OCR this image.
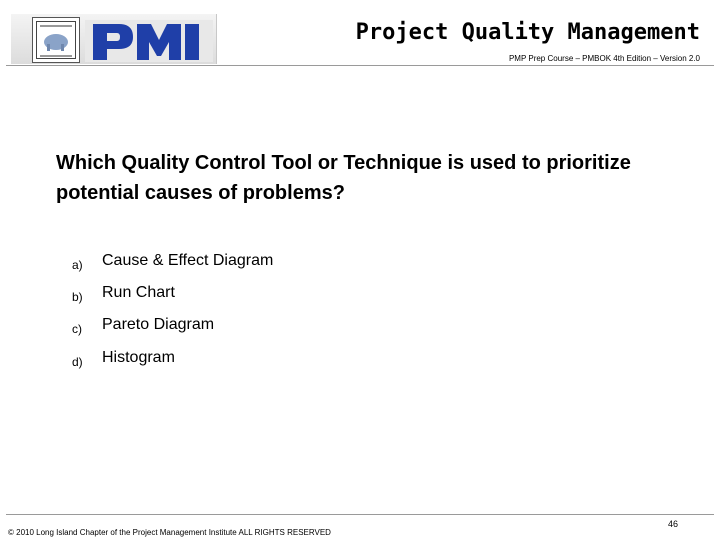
Project Quality Management
PMP Prep Course – PMBOK 4th Edition – Version 2.0
Which Quality Control Tool or Technique is used to prioritize potential causes of problems?
a) Cause & Effect Diagram
b) Run Chart
c) Pareto Diagram
d) Histogram
© 2010 Long Island Chapter of the Project Management Institute ALL RIGHTS RESERVED
46
